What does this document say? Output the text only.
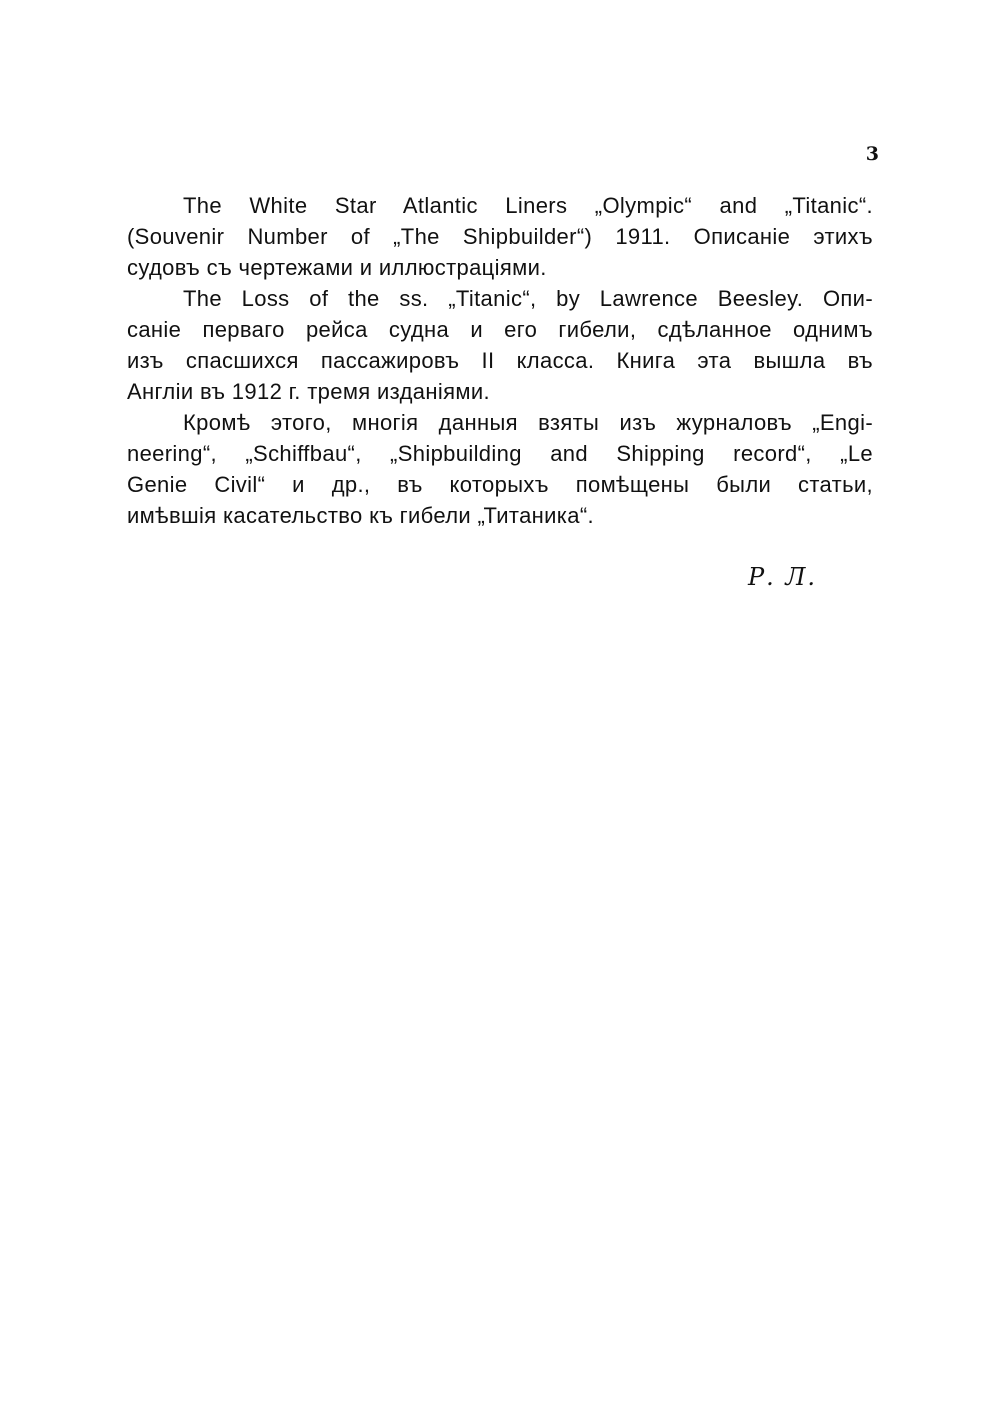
3
The White Star Atlantic Liners „Olympic“ and „Titanic“.
(Souvenir Number of „The Shipbuilder“) 1911. Описанiе этихъ
судовъ съ чертежами и иллюстрацiями.
The Loss of the ss. „Titanic“, by Lawrence Beesley. Опи-
санiе перваго рейса судна и его гибели, сдѣланное однимъ
изъ спасшихся пассажировъ II класса. Книга эта вышла въ
Англiи въ 1912 г. тремя изданiями.
Кромѣ этого, многiя данныя взяты изъ журналовъ „Engi-
neering“, „Schiffbau“, „Shipbuilding and Shipping record“, „Le
Genie Civil“ и др., въ которыхъ помѣщены были статьи,
имѣвшiя касательство къ гибели „Титаника“.
Р. Л.
